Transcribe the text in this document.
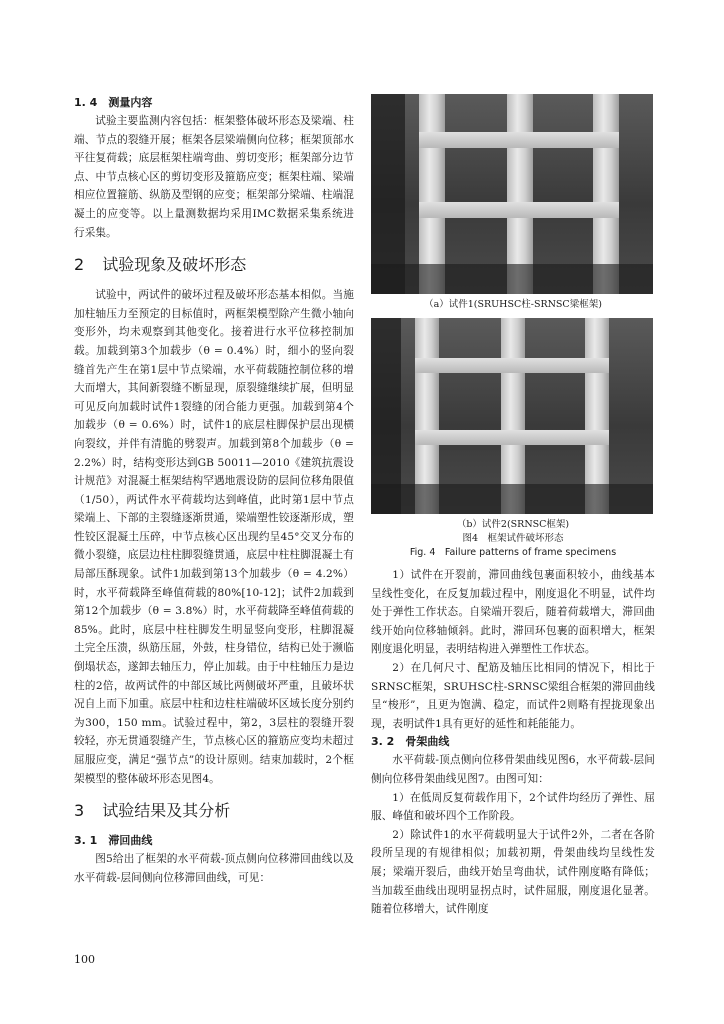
1. 4　测量内容

试验主要监测内容包括：框架整体破坏形态及梁端、柱端、节点的裂缝开展；框架各层梁端侧向位移；框架顶部水平往复荷载；底层框架柱端弯曲、剪切变形；框架部分边节点、中节点核心区的剪切变形及箍筋应变；框架柱端、梁端相应位置箍筋、纵筋及型钢的应变；框架部分梁端、柱端混凝土的应变等。以上量测数据均采用IMC数据采集系统进行采集。

2 试验现象及破坏形态

试验中，两试件的破坏过程及破坏形态基本相似。当施加柱轴压力至预定的目标值时，两框架模型除产生微小轴向变形外，均未观察到其他变化。接着进行水平位移控制加载。加载到第3个加载步（θ = 0.4%）时，细小的竖向裂缝首先产生在第1层中节点梁端，水平荷载随控制位移的增大而增大，其间新裂缝不断显现，原裂缝继续扩展，但明显可见反向加载时试件1裂缝的闭合能力更强。加载到第4个加载步（θ = 0.6%）时，试件1的底层柱脚保护层出现横向裂纹，并伴有清脆的劈裂声。加载到第8个加载步（θ = 2.2%）时，结构变形达到GB 50011—2010《建筑抗震设计规范》对混凝土框架结构罕遇地震设防的层间位移角限值（1/50），两试件水平荷载均达到峰值，此时第1层中节点梁端上、下部的主裂缝逐渐贯通，梁端塑性铰逐渐形成，塑性铰区混凝土压碎，中节点核心区出现约呈45°交叉分布的微小裂缝，底层边柱柱脚裂缝贯通，底层中柱柱脚混凝土有局部压酥现象。试件1加载到第13个加载步（θ = 4.2%）时，水平荷载降至峰值荷载的80%[10-12]；试件2加载到第12个加载步（θ = 3.8%）时，水平荷载降至峰值荷载的85%。此时，底层中柱柱脚发生明显竖向变形，柱脚混凝土完全压溃，纵筋压屈，外鼓，柱身错位，结构已处于濒临倒塌状态，遂卸去轴压力，停止加载。由于中柱轴压力是边柱的2倍，故两试件的中部区域比两侧破坏严重，且破坏状况自上而下加重。底层中柱和边柱柱端破坏区域长度分别约为300，150 mm。试验过程中，第2，3层柱的裂缝开裂较轻，亦无贯通裂缝产生，节点核心区的箍筋应变均未超过屈服应变，满足“强节点”的设计原则。结束加载时，2个框架模型的整体破坏形态见图4。

3 试验结果及其分析

3. 1　滞回曲线

图5给出了框架的水平荷载-顶点侧向位移滞回曲线以及水平荷载-层间侧向位移滞回曲线，可见：

（a）试件1(SRUHSC柱-SRNSC梁框架)

（b）试件2(SRNSC框架)

图4　框架试件破坏形态

Fig. 4　Failure patterns of frame specimens

1）试件在开裂前，滞回曲线包裹面积较小，曲线基本呈线性变化，在反复加载过程中，刚度退化不明显，试件均处于弹性工作状态。自梁端开裂后，随着荷载增大，滞回曲线开始向位移轴倾斜。此时，滞回环包裹的面积增大，框架刚度退化明显，表明结构进入弹塑性工作状态。

2）在几何尺寸、配筋及轴压比相同的情况下，相比于SRNSC框架，SRUHSC柱-SRNSC梁组合框架的滞回曲线呈“梭形”，且更为饱满、稳定，而试件2则略有捏拢现象出现，表明试件1具有更好的延性和耗能能力。

3. 2　骨架曲线

水平荷载-顶点侧向位移骨架曲线见图6，水平荷载-层间侧向位移骨架曲线见图7。由图可知：

1）在低周反复荷载作用下，2个试件均经历了弹性、屈服、峰值和破坏四个工作阶段。

2）除试件1的水平荷载明显大于试件2外，二者在各阶段所呈现的有规律相似；加载初期，骨架曲线均呈线性发展；梁端开裂后，曲线开始呈弯曲状，试件刚度略有降低；当加载至曲线出现明显拐点时，试件屈服，刚度退化显著。随着位移增大，试件刚度

100
